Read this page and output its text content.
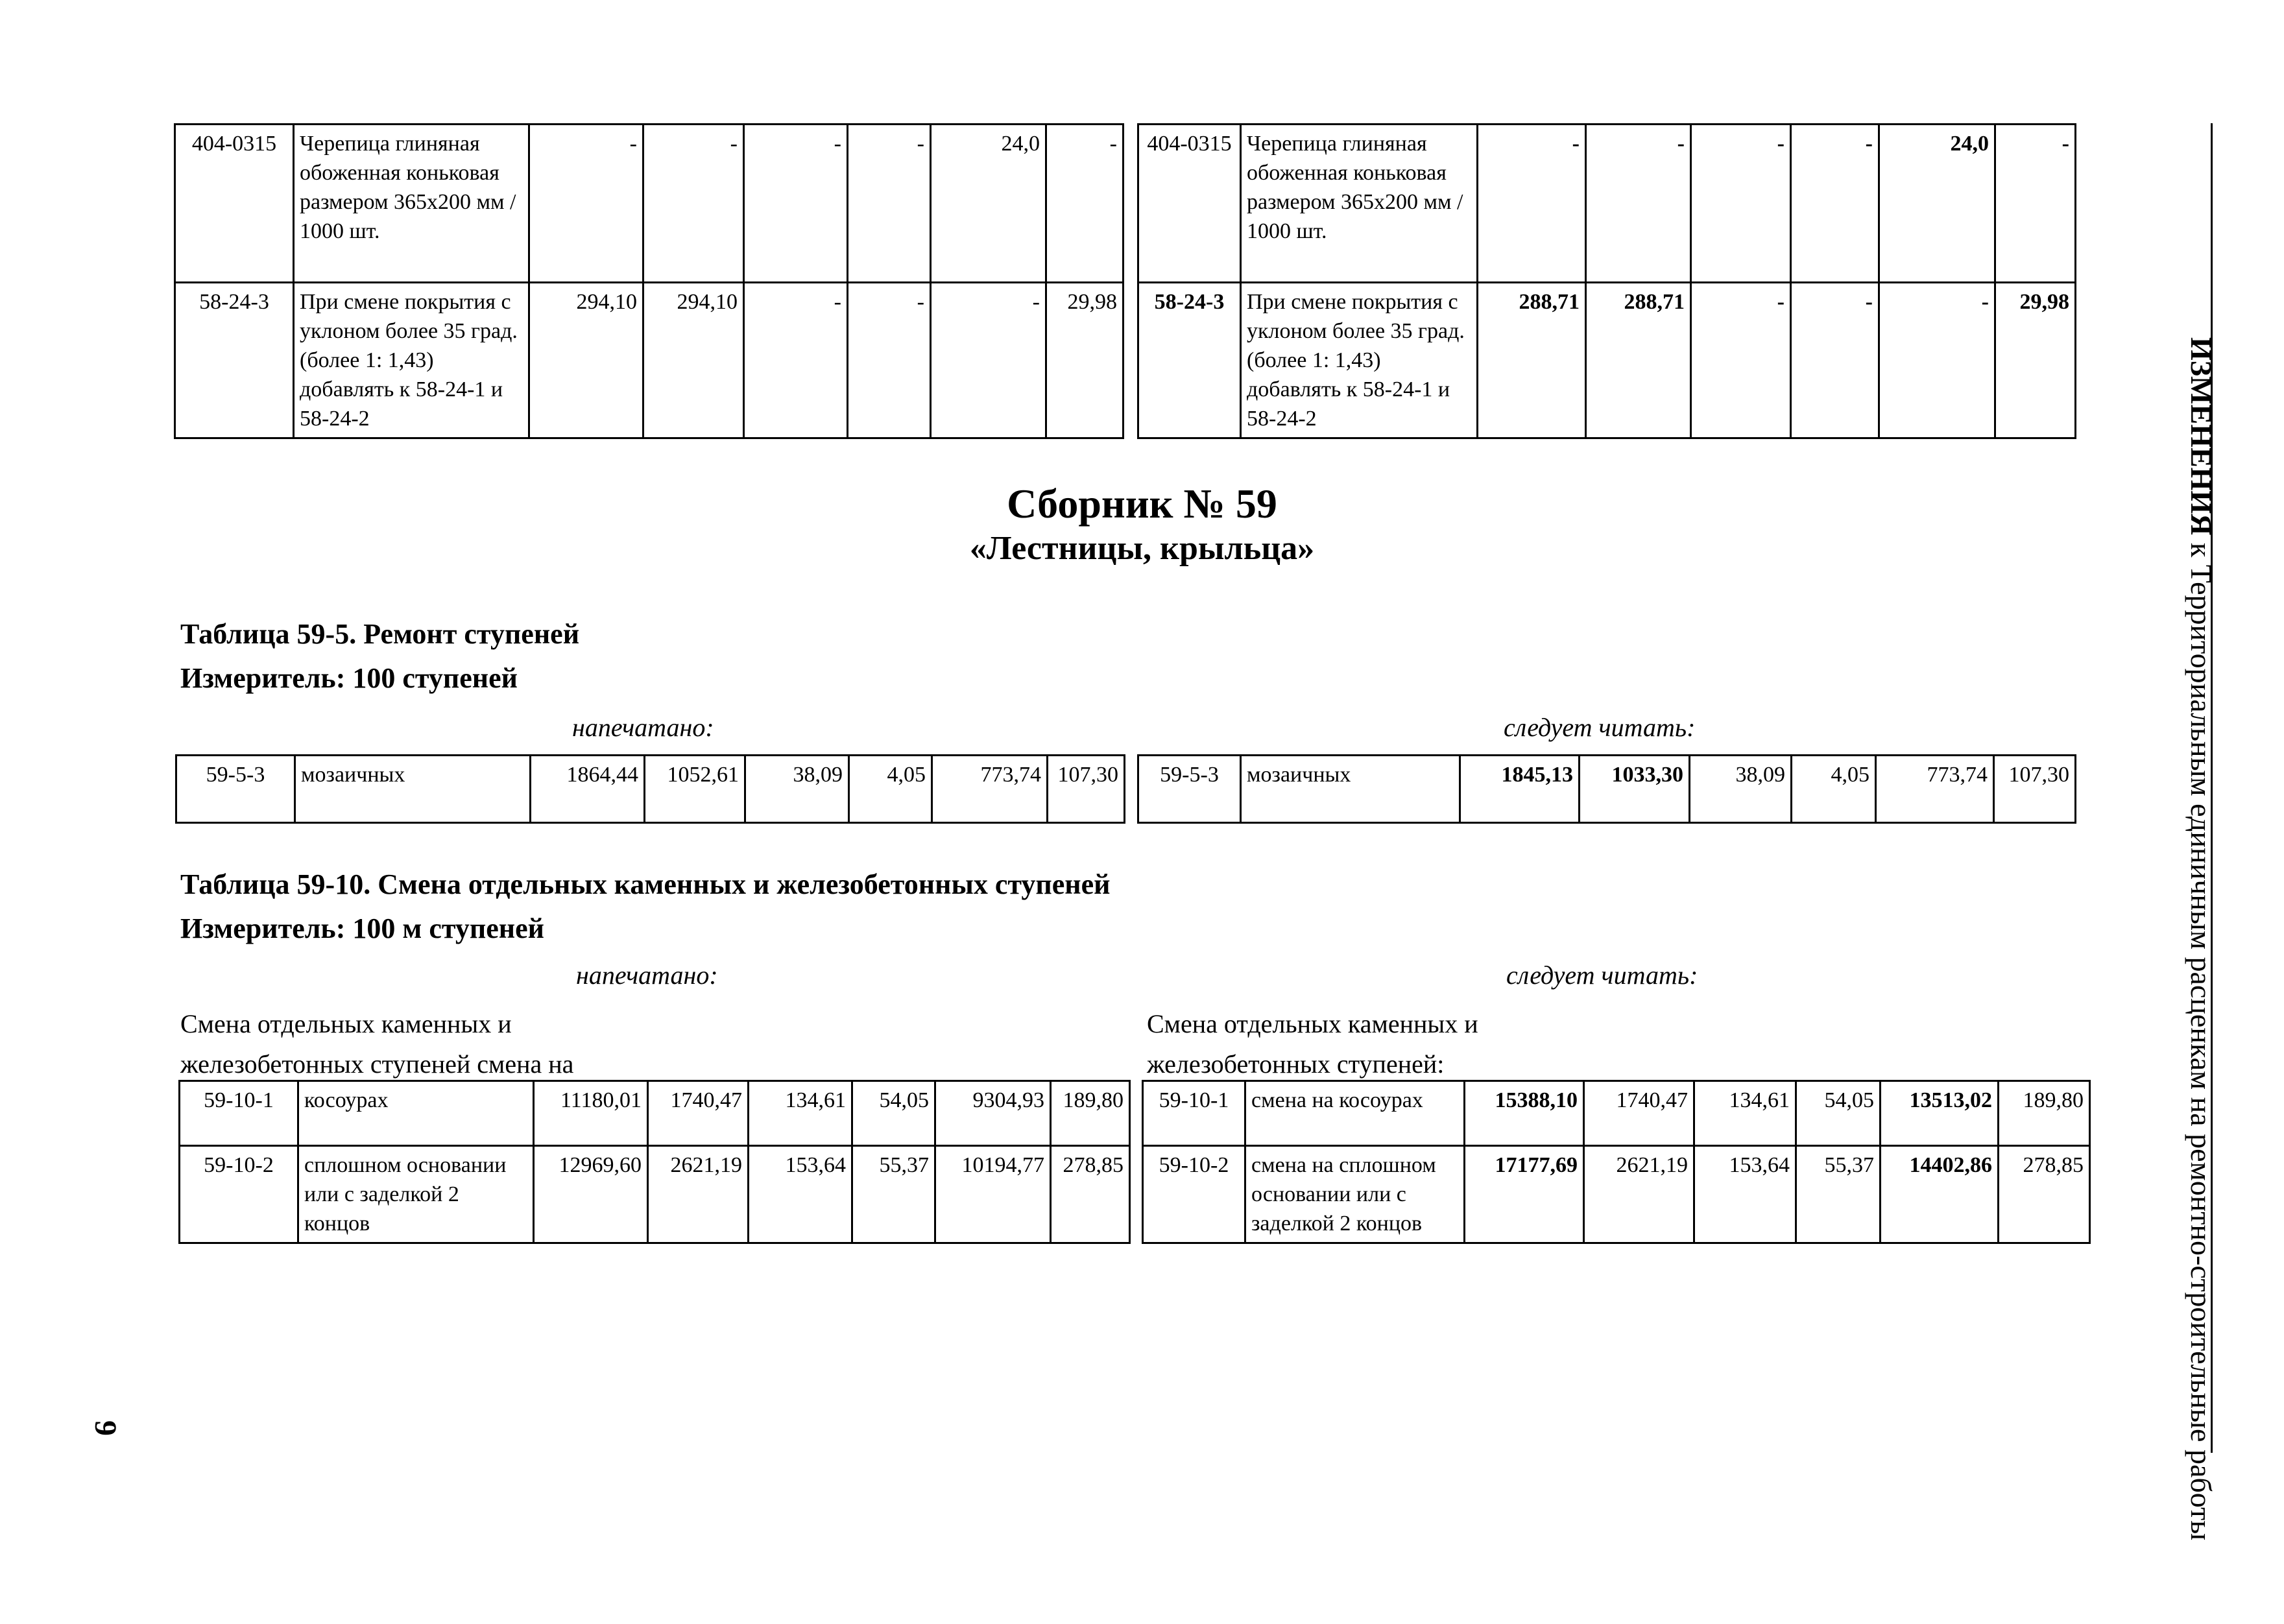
404-0315	Черепица глиняная обоженная коньковая размером 365х200 мм / 1000 шт.	-	-	-	-	24,0	-
58-24-3	При смене покрытия с уклоном более 35 град. (более 1: 1,43) добавлять к 58-24-1 и 58-24-2	294,10	294,10	-	-	-	29,98
404-0315	Черепица глиняная обоженная коньковая размером 365х200 мм / 1000 шт.	-	-	-	-	24,0	-
58-24-3	При смене покрытия с уклоном более 35 град. (более 1: 1,43) добавлять к 58-24-1 и 58-24-2	288,71	288,71	-	-	-	29,98
Сборник № 59
«Лестницы, крыльца»
Таблица 59-5. Ремонт ступеней
Измеритель: 100 ступеней
напечатано:	следует читать:
59-5-3	мозаичных	1864,44	1052,61	38,09	4,05	773,74	107,30 59-5-3	мозаичных	1845,13	1033,30	38,09	4,05	773,74	107,30
Таблица 59-10. Смена отдельных каменных и железобетонных ступеней
Измеритель: 100 м ступеней
напечатано:	следует читать:
Смена отдельных каменных и
железобетонных ступеней смена на
Смена отдельных каменных и
железобетонных ступеней:
59-10-1	косоурах	11180,01	1740,47	134,61	54,05	9304,93	189,80
59-10-2	сплошном основании или с заделкой 2 концов	12969,60	2621,19	153,64	55,37	10194,77	278,85
59-10-1	смена на косоурах	15388,10	1740,47	134,61	54,05	13513,02	189,80
59-10-2	смена на сплошном основании или с заделкой 2 концов	17177,69	2621,19	153,64	55,37	14402,86	278,85
ИЗМЕНЕНИЯ к Территориальным единичным расценкам на ремонтно-строительные работы
9
